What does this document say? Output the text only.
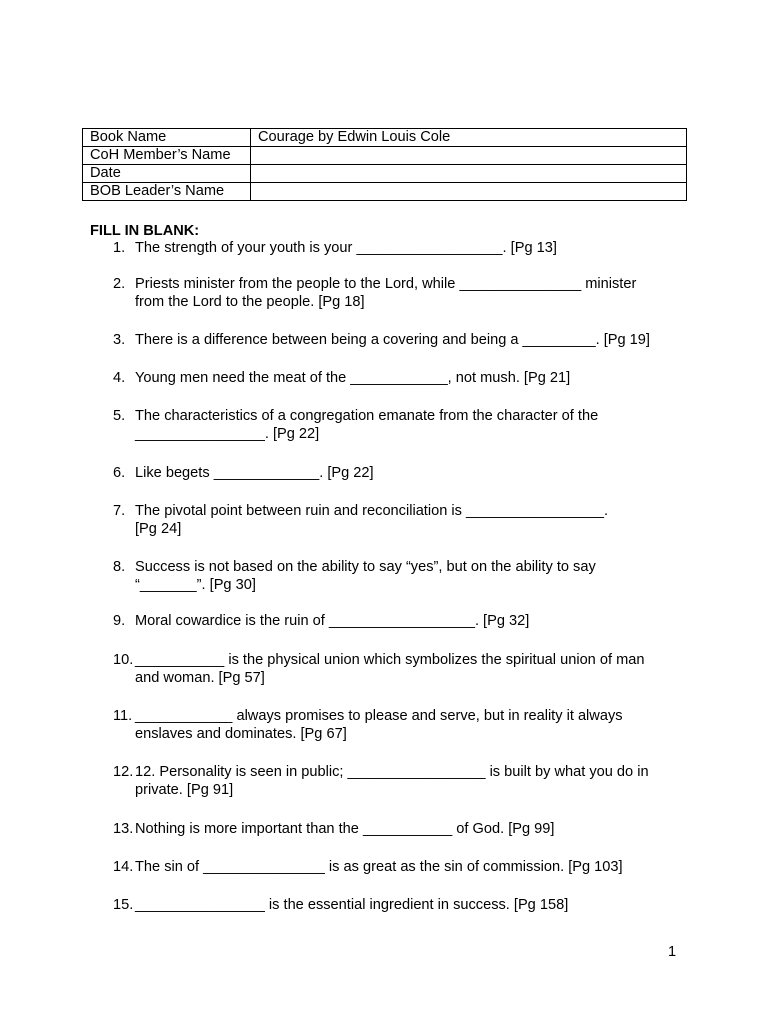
Book Name	Courage by Edwin Louis Cole
CoH Member’s Name	
Date	
BOB Leader’s Name	
FILL IN BLANK:
1. The strength of your youth is your __________________. [Pg 13]
2. Priests minister from the people to the Lord, while _______________ minister
from the Lord to the people. [Pg 18]
3. There is a difference between being a covering and being a _________. [Pg 19]
4. Young men need the meat of the ____________, not mush. [Pg 21]
5. The characteristics of a congregation emanate from the character of the
________________. [Pg 22]
6. Like begets _____________. [Pg 22]
7. The pivotal point between ruin and reconciliation is _________________.
[Pg 24]
8. Success is not based on the ability to say “yes”, but on the ability to say
“_______”. [Pg 30]
9. Moral cowardice is the ruin of __________________. [Pg 32]
10. ___________ is the physical union which symbolizes the spiritual union of man
and woman. [Pg 57]
11. ____________ always promises to please and serve, but in reality it always
enslaves and dominates. [Pg 67]
12. 12. Personality is seen in public; _________________ is built by what you do in
private. [Pg 91]
13. Nothing is more important than the ___________ of God. [Pg 99]
14. The sin of _______________ is as great as the sin of commission. [Pg 103]
15. ________________ is the essential ingredient in success. [Pg 158]
1
